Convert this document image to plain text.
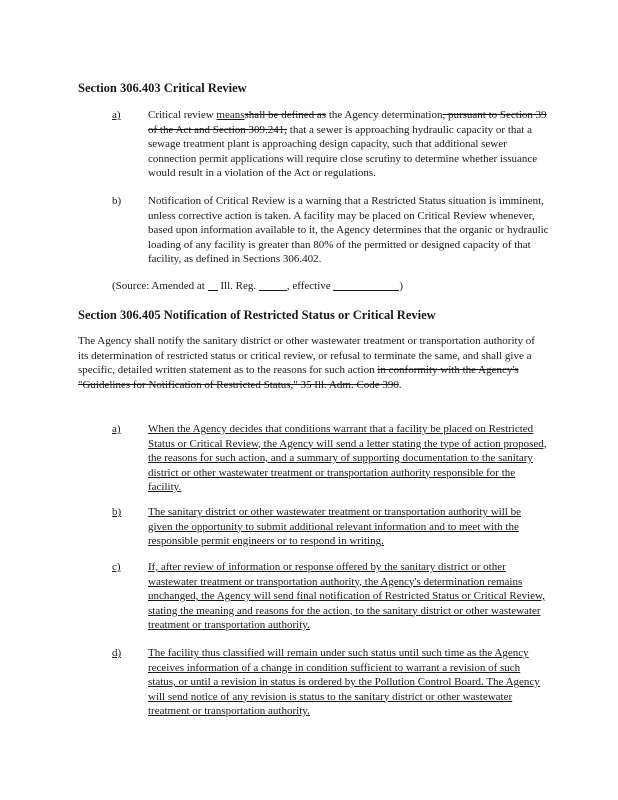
Section 306.403 Critical Review
a)	Critical review meansshall be defined as the Agency determination, pursuant to Section 39 of the Act and Section 309.241, that a sewer is approaching hydraulic capacity or that a sewage treatment plant is approaching design capacity, such that additional sewer connection permit applications will require close scrutiny to determine whether issuance would result in a violation of the Act or regulations.
b)	Notification of Critical Review is a warning that a Restricted Status situation is imminent, unless corrective action is taken. A facility may be placed on Critical Review whenever, based upon information available to it, the Agency determines that the organic or hydraulic loading of any facility is greater than 80% of the permitted or designed capacity of that facility, as defined in Sections 306.402.
(Source: Amended at  Ill. Reg.	, effective	)
Section 306.405 Notification of Restricted Status or Critical Review
The Agency shall notify the sanitary district or other wastewater treatment or transportation authority of its determination of restricted status or critical review, or refusal to terminate the same, and shall give a specific, detailed written statement as to the reasons for such action in conformity with the Agency's "Guidelines for Notification of Restricted Status," 35 Ill. Adm. Code 390.
a)	When the Agency decides that conditions warrant that a facility be placed on Restricted Status or Critical Review, the Agency will send a letter stating the type of action proposed, the reasons for such action, and a summary of supporting documentation to the sanitary district or other wastewater treatment or transportation authority responsible for the facility.
b)	The sanitary district or other wastewater treatment or transportation authority will be given the opportunity to submit additional relevant information and to meet with the responsible permit engineers or to respond in writing.
c)	If, after review of information or response offered by the sanitary district or other wastewater treatment or transportation authority, the Agency's determination remains unchanged, the Agency will send final notification of Restricted Status or Critical Review, stating the meaning and reasons for the action, to the sanitary district or other wastewater treatment or transportation authority.
d)	The facility thus classified will remain under such status until such time as the Agency receives information of a change in condition sufficient to warrant a revision of such status, or until a revision in status is ordered by the Pollution Control Board. The Agency will send notice of any revision is status to the sanitary district or other wastewater treatment or transportation authority.
